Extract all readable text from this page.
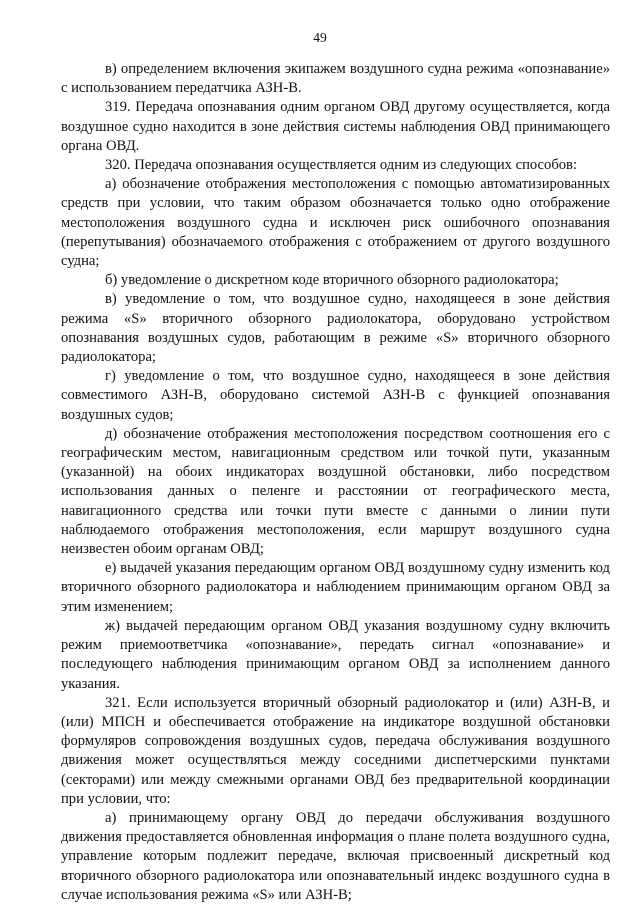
49

в) определением включения экипажем воздушного судна режима «опознавание» с использованием передатчика АЗН-В.

319. Передача опознавания одним органом ОВД другому осуществляется, когда воздушное судно находится в зоне действия системы наблюдения ОВД принимающего органа ОВД.

320. Передача опознавания осуществляется одним из следующих способов:

а) обозначение отображения местоположения с помощью автоматизированных средств при условии, что таким образом обозначается только одно отображение местоположения воздушного судна и исключен риск ошибочного опознавания (перепутывания) обозначаемого отображения с отображением от другого воздушного судна;

б) уведомление о дискретном коде вторичного обзорного радиолокатора;

в) уведомление о том, что воздушное судно, находящееся в зоне действия режима «S» вторичного обзорного радиолокатора, оборудовано устройством опознавания воздушных судов, работающим в режиме «S» вторичного обзорного радиолокатора;

г) уведомление о том, что воздушное судно, находящееся в зоне действия совместимого АЗН-В, оборудовано системой АЗН-В с функцией опознавания воздушных судов;

д) обозначение отображения местоположения посредством соотношения его с географическим местом, навигационным средством или точкой пути, указанным (указанной) на обоих индикаторах воздушной обстановки, либо посредством использования данных о пеленге и расстоянии от географического места, навигационного средства или точки пути вместе с данными о линии пути наблюдаемого отображения местоположения, если маршрут воздушного судна неизвестен обоим органам ОВД;

е) выдачей указания передающим органом ОВД воздушному судну изменить код вторичного обзорного радиолокатора и наблюдением принимающим органом ОВД за этим изменением;

ж) выдачей передающим органом ОВД указания воздушному судну включить режим приемоответчика «опознавание», передать сигнал «опознавание» и последующего наблюдения принимающим органом ОВД за исполнением данного указания.

321. Если используется вторичный обзорный радиолокатор и (или) АЗН-В, и (или) МПСН и обеспечивается отображение на индикаторе воздушной обстановки формуляров сопровождения воздушных судов, передача обслуживания воздушного движения может осуществляться между соседними диспетчерскими пунктами (секторами) или между смежными органами ОВД без предварительной координации при условии, что:

а) принимающему органу ОВД до передачи обслуживания воздушного движения предоставляется обновленная информация о плане полета воздушного судна, управление которым подлежит передаче, включая присвоенный дискретный код вторичного обзорного радиолокатора или опознавательный индекс воздушного судна в случае использования режима «S» или АЗН-В;
